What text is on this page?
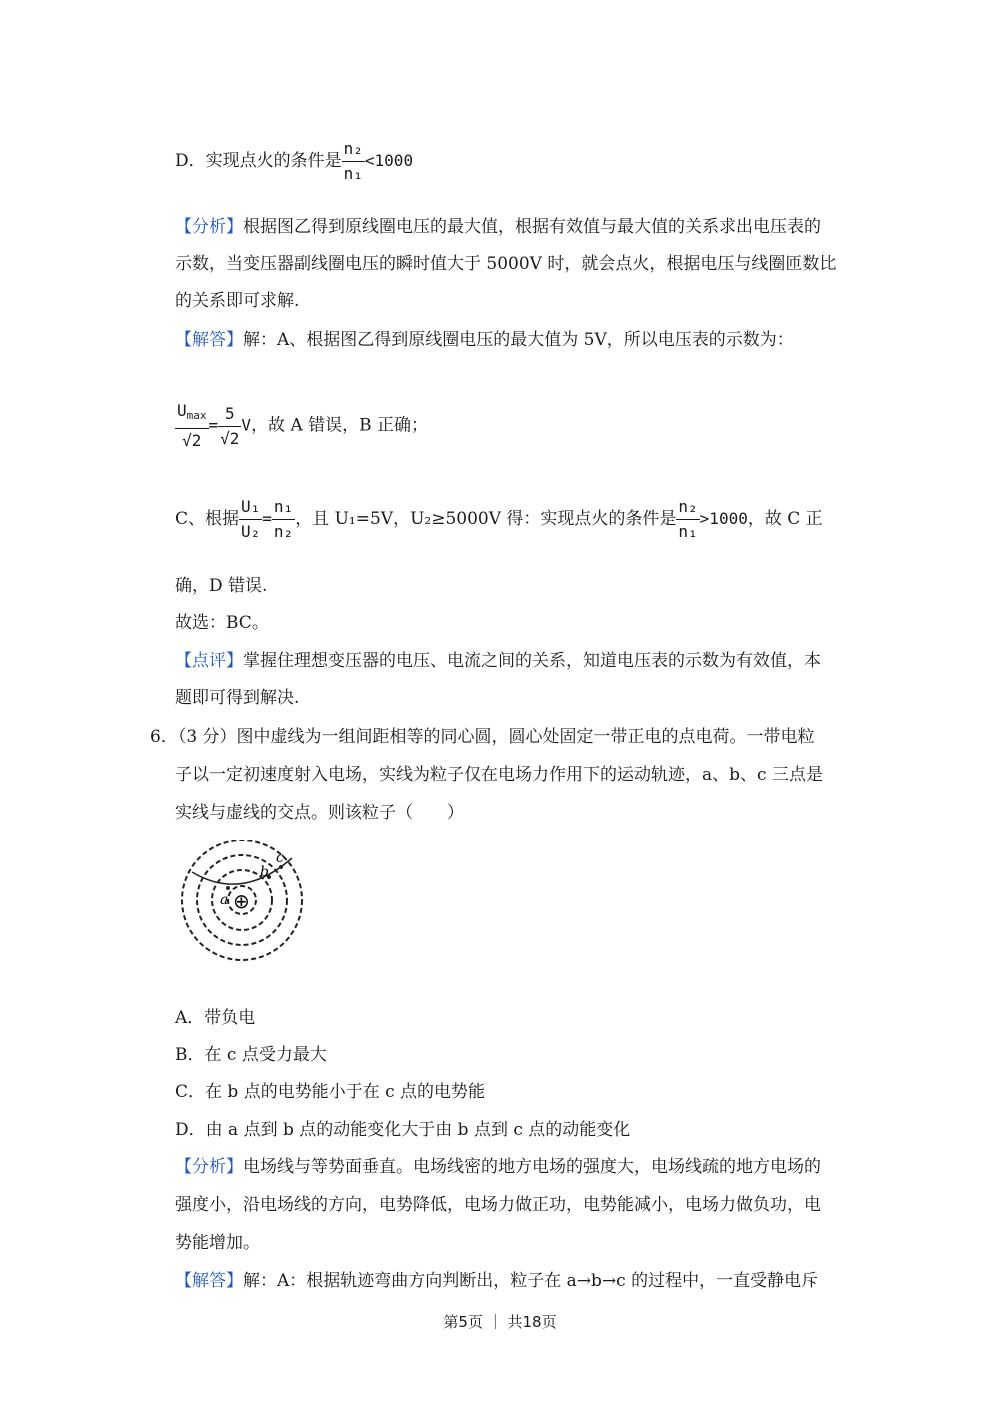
D．实现点火的条件是 $\frac{\text{n₂}}{\text{n₁}} <1000$
【分析】根据图乙得到原线圈电压的最大值，根据有效值与最大值的关系求出电压表的
示数，当变压器副线圈电压的瞬时值大于 5000V 时，就会点火，根据电压与线圈匝数比
的关系即可求解.
【解答】解：A、根据图乙得到原线圈电压的最大值为 5V，所以电压表的示数为：
$\frac{U_{max}}{√2} = \frac{5}{√2}$ V，故 A 错误，B 正确；
C、根据 $\frac{\text{U₁}}{\text{U₂}} = \frac{\text{n₁}}{\text{n₂}}$ ，且 U₁=5V，U₂≥5000V 得：实现点火的条件是 $\frac{\text{n₂}}{\text{n₁}} >1000$，故 C 正
确，D 错误.
故选：BC。
【点评】掌握住理想变压器的电压、电流之间的关系，知道电压表的示数为有效值，本
题即可得到解决.
6．（3 分）图中虚线为一组间距相等的同心圆，圆心处固定一带正电的点电荷。一带电粒
子以一定初速度射入电场，实线为粒子仅在电场力作用下的运动轨迹，a、b、c 三点是
实线与虚线的交点。则该粒子（　　）
a
b
c
⊕
A．带负电
B．在 c 点受力最大
C．在 b 点的电势能小于在 c 点的电势能
D．由 a 点到 b 点的动能变化大于由 b 点到 c 点的动能变化
【分析】电场线与等势面垂直。电场线密的地方电场的强度大，电场线疏的地方电场的
强度小，沿电场线的方向，电势降低，电场力做正功，电势能减小，电场力做负功，电
势能增加。
【解答】解：A：根据轨迹弯曲方向判断出，粒子在 a→b→c 的过程中，一直受静电斥
第5页 ｜ 共18页
